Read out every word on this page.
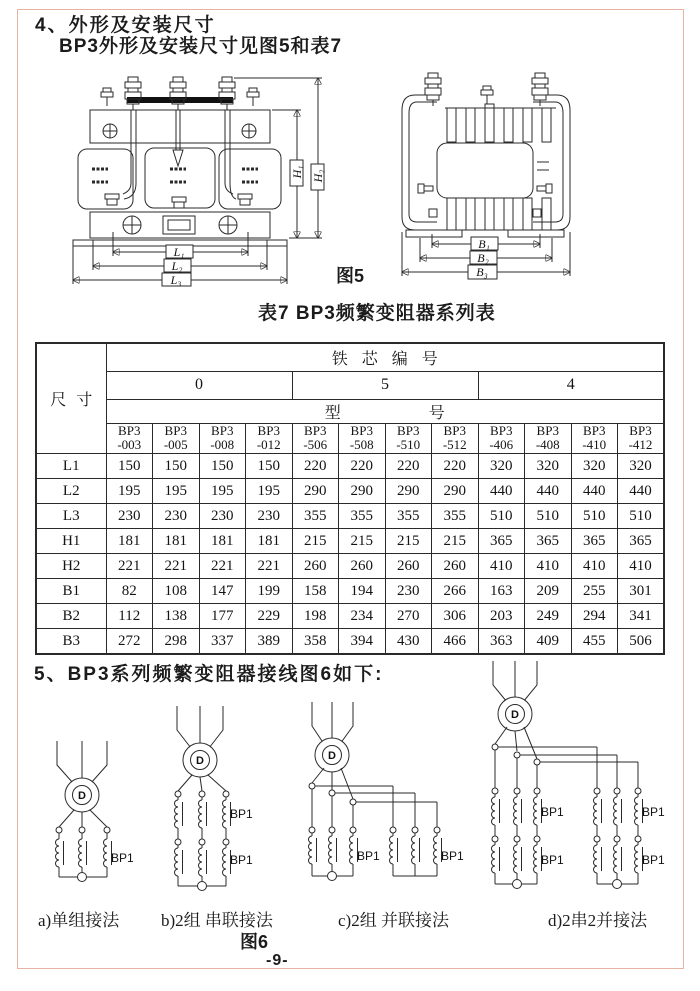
4、外形及安装尺寸
BP3外形及安装尺寸见图5和表7
L₁
L₂
L₃
H₁ H₂
B₁
B₂
B₃
图5
表7 BP3频繁变阻器系列表
尺寸	铁芯编号											
	0				5				4			
	型号											

BP3
-003

BP3
-005

BP3
-008

BP3
-012

BP3
-506

BP3
-508

BP3
-510

BP3
-512

BP3
-406

BP3
-408

BP3
-410

BP3
-412

L1	150	150	150	150	220	220	220	220	320	320	320	320
L2	195	195	195	195	290	290	290	290	440	440	440	440
L3	230	230	230	230	355	355	355	355	510	510	510	510
H1	181	181	181	181	215	215	215	215	365	365	365	365
H2	221	221	221	221	260	260	260	260	410	410	410	410
B1	82	108	147	199	158	194	230	266	163	209	255	301
B2	112	138	177	229	198	234	270	306	203	249	294	341
B3	272	298	337	389	358	394	430	466	363	409	455	506
5、BP3系列频繁变阻器接线图6如下:
D
BP1
D
BP1
BP1
D
BP1	BP1
D
BP1
BP1
BP1
BP1
a)单组接法 b)2组 串联接法	c)2组 并联接法	d)2串2并接法
图6
-9-
